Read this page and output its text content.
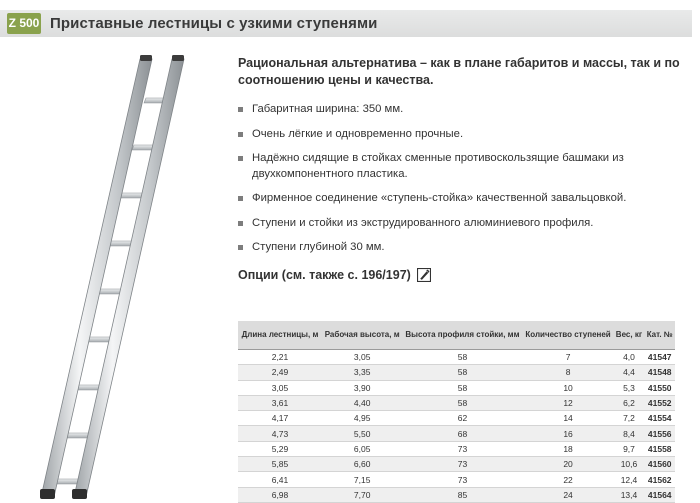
Z 500 Приставные лестницы с узкими ступенями

Рациональная альтернатива – как в плане габаритов и массы, так и по соотношению цены и качества.

Габаритная ширина: 350 мм.
Очень лёгкие и одновременно прочные.
Надёжно сидящие в стойках сменные противоскользящие башмаки из двухкомпонентного пластика.
Фирменное соединение «ступень-стойка» качественной завальцовкой.
Ступени и стойки из экструдированного алюминиевого профиля.
Ступени глубиной 30 мм.
Опции (см. также с. 196/197)
Длина лестницы, м	Рабочая высота, м	Высота профиля стойки, мм	Количество ступеней	Вес, кг	Кат. №
2,21	3,05	58	7	4,0	41547
2,49	3,35	58	8	4,4	41548
3,05	3,90	58	10	5,3	41550
3,61	4,40	58	12	6,2	41552
4,17	4,95	62	14	7,2	41554
4,73	5,50	68	16	8,4	41556
5,29	6,05	73	18	9,7	41558
5,85	6,60	73	20	10,6	41560
6,41	7,15	73	22	12,4	41562
6,98	7,70	85	24	13,4	41564
